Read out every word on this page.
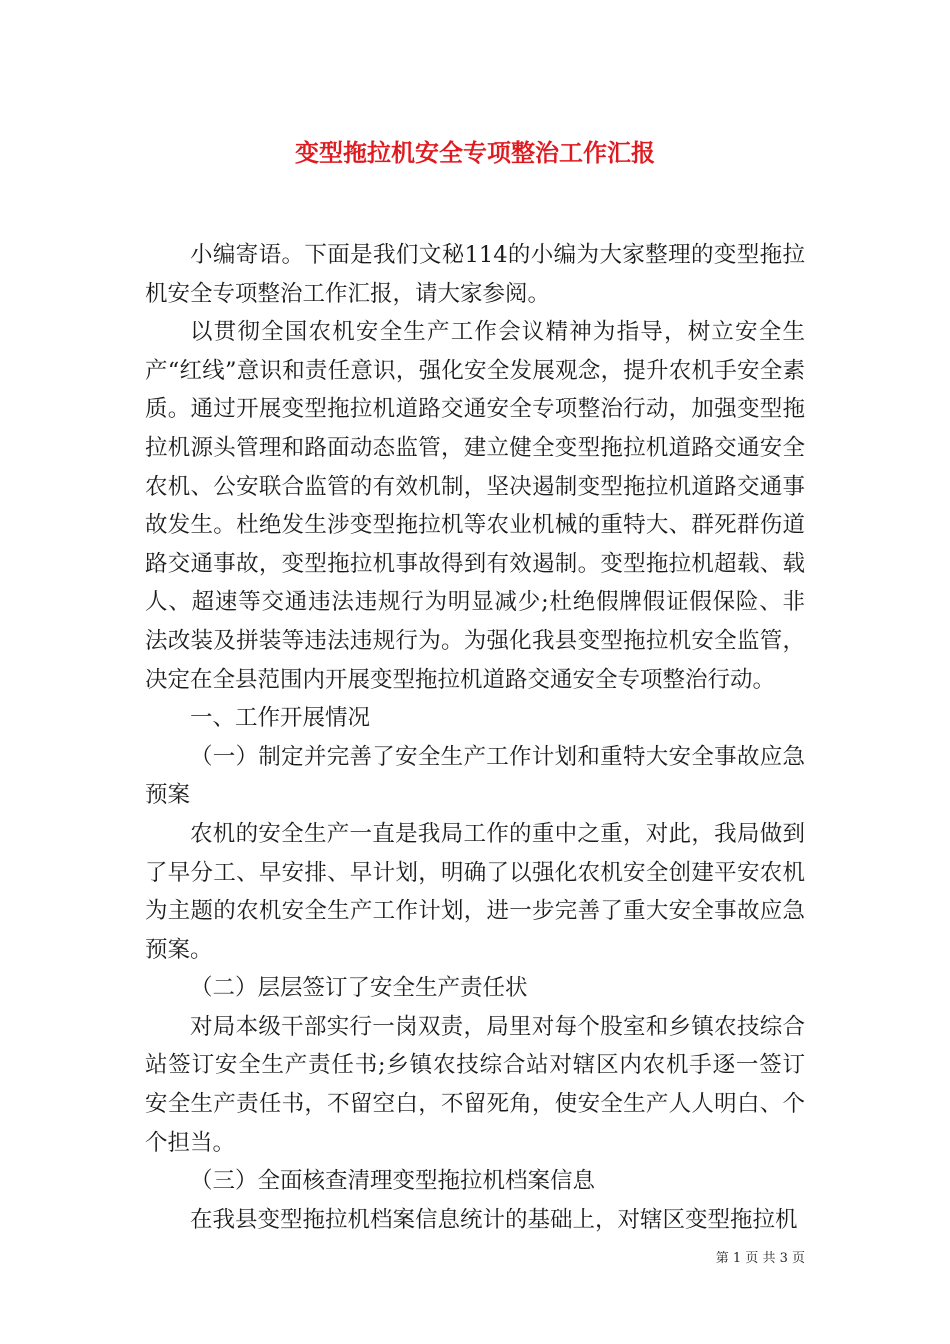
变型拖拉机安全专项整治工作汇报

小编寄语。下面是我们文秘114的小编为大家整理的变型拖拉机安全专项整治工作汇报，请大家参阅。

以贯彻全国农机安全生产工作会议精神为指导，树立安全生产“红线”意识和责任意识，强化安全发展观念，提升农机手安全素质。通过开展变型拖拉机道路交通安全专项整治行动，加强变型拖拉机源头管理和路面动态监管，建立健全变型拖拉机道路交通安全农机、公安联合监管的有效机制，坚决遏制变型拖拉机道路交通事故发生。杜绝发生涉变型拖拉机等农业机械的重特大、群死群伤道路交通事故，变型拖拉机事故得到有效遏制。变型拖拉机超载、载人、超速等交通违法违规行为明显减少;杜绝假牌假证假保险、非法改装及拼装等违法违规行为。为强化我县变型拖拉机安全监管，决定在全县范围内开展变型拖拉机道路交通安全专项整治行动。

一、工作开展情况

（一）制定并完善了安全生产工作计划和重特大安全事故应急预案

农机的安全生产一直是我局工作的重中之重，对此，我局做到了早分工、早安排、早计划，明确了以强化农机安全创建平安农机为主题的农机安全生产工作计划，进一步完善了重大安全事故应急预案。

（二）层层签订了安全生产责任状

对局本级干部实行一岗双责，局里对每个股室和乡镇农技综合站签订安全生产责任书;乡镇农技综合站对辖区内农机手逐一签订安全生产责任书，不留空白，不留死角，使安全生产人人明白、个个担当。

（三）全面核查清理变型拖拉机档案信息

在我县变型拖拉机档案信息统计的基础上，对辖区变型拖拉机

第 1 页 共 3 页
